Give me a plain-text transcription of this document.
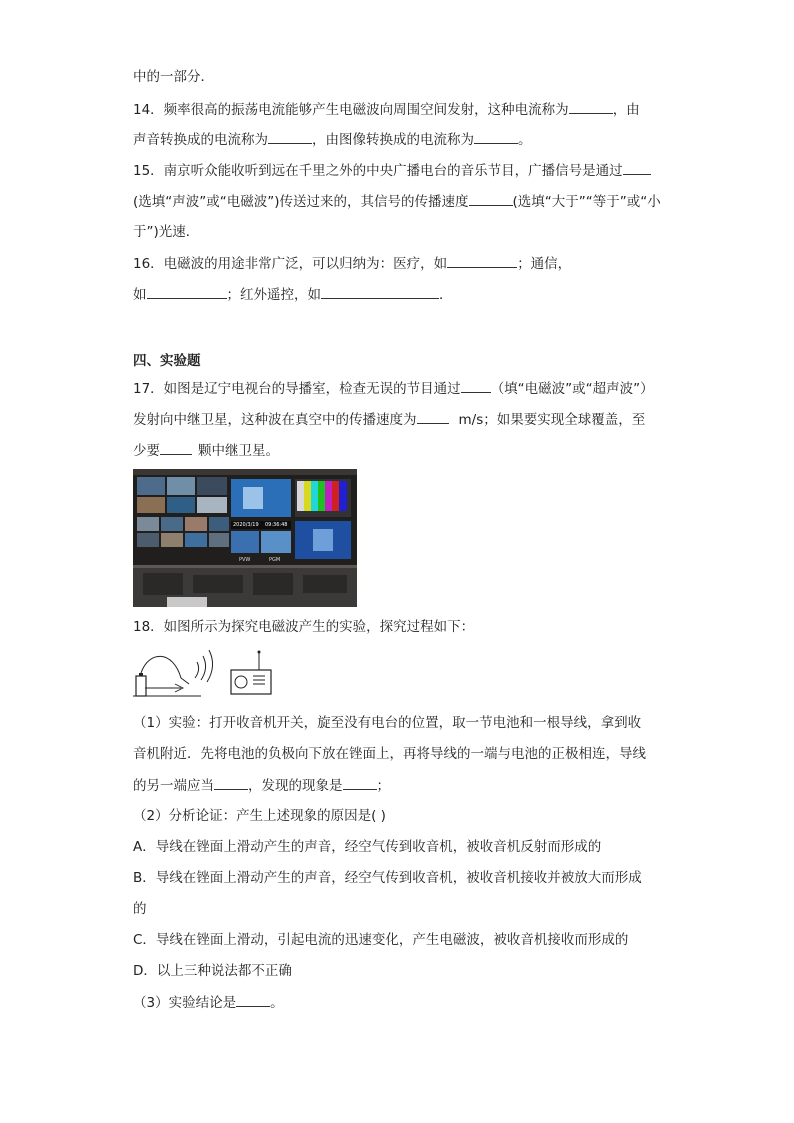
中的一部分．
14．频率很高的振荡电流能够产生电磁波向周围空间发射，这种电流称为	，由
声音转换成的电流称为	，由图像转换成的电流称为	。
15．南京听众能收听到远在千里之外的中央广播电台的音乐节目，广播信号是通过
(选填“声波”或“电磁波”)传送过来的，其信号的传播速度	(选填“大于”“等于”或“小
于”)光速．
16．电磁波的用途非常广泛，可以归纳为：医疗，如	；通信，
如	；红外遥控，如	．
四、实验题
17．如图是辽宁电视台的导播室，检查无误的节目通过 （填“电磁波”或“超声波”）
发射向中继卫星，这种波在真空中的传播速度为	m/s；如果要实现全球覆盖，至
少要	颗中继卫星。
2020/3/19 09:36:48
PVW	PGM
18．如图所示为探究电磁波产生的实验，探究过程如下：
（1）实验：打开收音机开关，旋至没有电台的位置，取一节电池和一根导线，拿到收
音机附近．先将电池的负极向下放在锉面上，再将导线的一端与电池的正极相连，导线
的另一端应当	，发现的现象是	；
（2）分析论证：产生上述现象的原因是( )
A．导线在锉面上滑动产生的声音，经空气传到收音机，被收音机反射而形成的
B．导线在锉面上滑动产生的声音，经空气传到收音机，被收音机接收并被放大而形成
的
C．导线在锉面上滑动，引起电流的迅速变化，产生电磁波，被收音机接收而形成的
D．以上三种说法都不正确
（3）实验结论是	。
